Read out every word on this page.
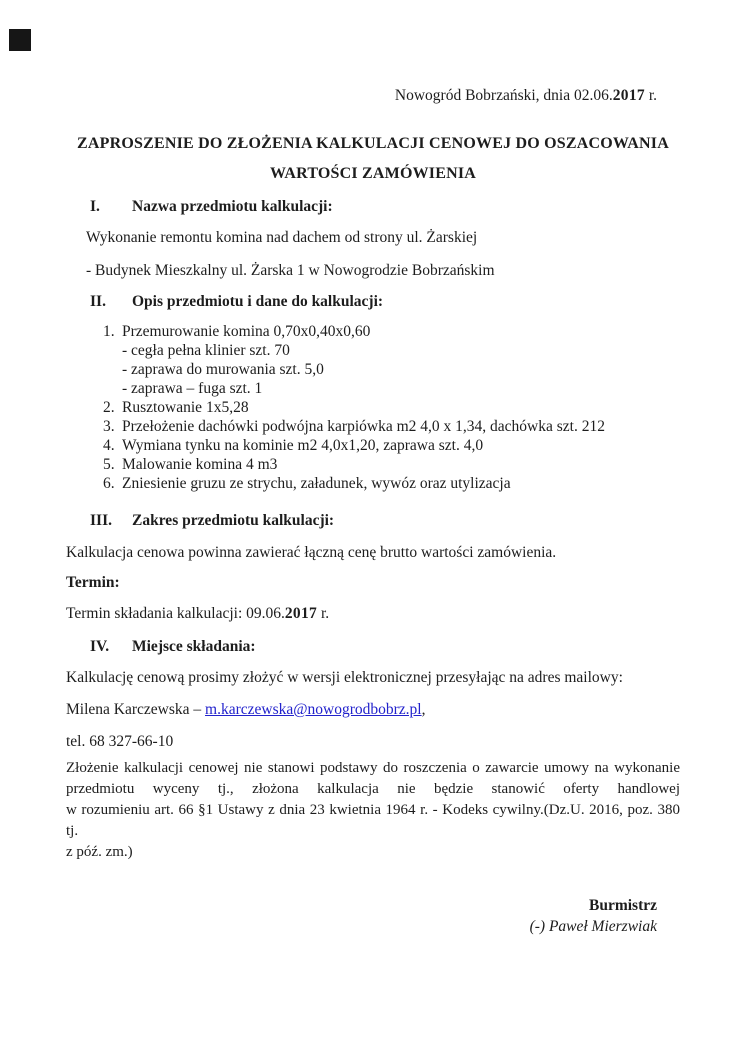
Nowogród Bobrzański, dnia 02.06.2017 r.
ZAPROSZENIE DO ZŁOŻENIA KALKULACJI CENOWEJ DO OSZACOWANIA
WARTOŚCI ZAMÓWIENIA
I.	Nazwa przedmiotu kalkulacji:
Wykonanie remontu komina nad dachem od strony ul. Żarskiej
- Budynek Mieszkalny ul. Żarska 1 w Nowogrodzie Bobrzańskim
II.	Opis przedmiotu i dane do kalkulacji:
1. Przemurowanie komina 0,70x0,40x0,60
- cegła pełna klinier szt. 70
- zaprawa do murowania szt. 5,0
- zaprawa – fuga szt. 1
2. Rusztowanie 1x5,28
3. Przełożenie dachówki podwójna karpiówka m2 4,0 x 1,34, dachówka szt. 212
4. Wymiana tynku na kominie m2 4,0x1,20, zaprawa szt. 4,0
5. Malowanie komina 4 m3
6. Zniesienie gruzu ze strychu, załadunek, wywóz oraz utylizacja
III.	Zakres przedmiotu kalkulacji:
Kalkulacja cenowa powinna zawierać łączną cenę brutto wartości zamówienia.
Termin:
Termin składania kalkulacji: 09.06.2017 r.
IV.	Miejsce składania:
Kalkulację cenową prosimy złożyć w wersji elektronicznej przesyłając na adres mailowy:
Milena Karczewska – m.karczewska@nowogrodbobrz.pl,
tel. 68 327-66-10
Złożenie kalkulacji cenowej nie stanowi podstawy do roszczenia o zawarcie umowy na wykonanie
przedmiotu wyceny tj., złożona kalkulacja nie będzie stanowić oferty handlowej
w rozumieniu art. 66 §1 Ustawy z dnia 23 kwietnia 1964 r. - Kodeks cywilny.(Dz.U. 2016, poz. 380 tj.
z póź. zm.)
Burmistrz
(-) Paweł Mierzwiak
